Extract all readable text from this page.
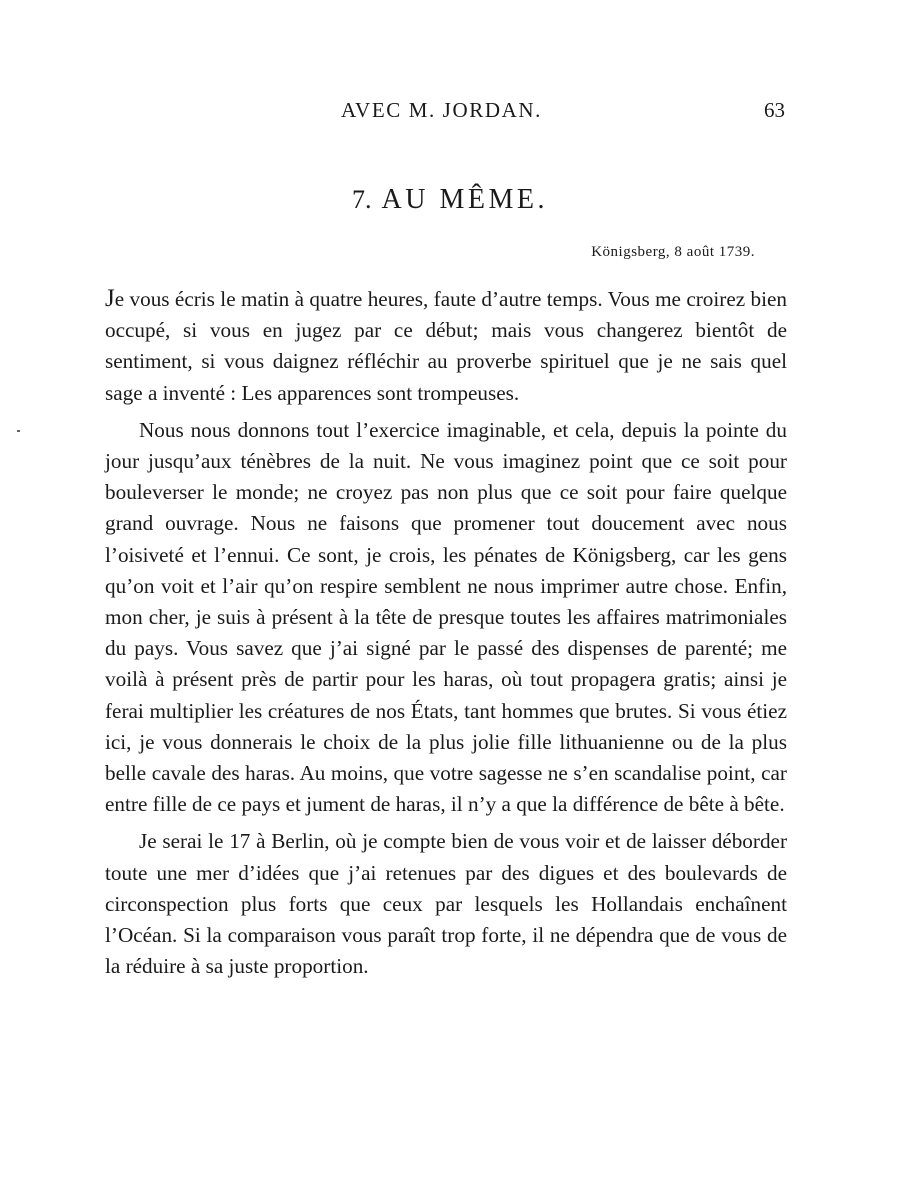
AVEC M. JORDAN.	63
7. AU MÊME.
Königsberg, 8 août 1739.

Je vous écris le matin à quatre heures, faute d’autre temps. Vous me croirez bien occupé, si vous en jugez par ce début; mais vous changerez bientôt de sentiment, si vous daignez réfléchir au proverbe spirituel que je ne sais quel sage a inventé : Les apparences sont trompeuses.

Nous nous donnons tout l’exercice imaginable, et cela, depuis la pointe du jour jusqu’aux ténèbres de la nuit. Ne vous imaginez point que ce soit pour bouleverser le monde; ne croyez pas non plus que ce soit pour faire quelque grand ouvrage. Nous ne faisons que promener tout doucement avec nous l’oisiveté et l’ennui. Ce sont, je crois, les pénates de Königsberg, car les gens qu’on voit et l’air qu’on respire semblent ne nous imprimer autre chose. Enfin, mon cher, je suis à présent à la tête de presque toutes les affaires matrimoniales du pays. Vous savez que j’ai signé par le passé des dispenses de parenté; me voilà à présent près de partir pour les haras, où tout propagera gratis; ainsi je ferai multiplier les créatures de nos États, tant hommes que brutes. Si vous étiez ici, je vous donnerais le choix de la plus jolie fille lithuanienne ou de la plus belle cavale des haras. Au moins, que votre sagesse ne s’en scandalise point, car entre fille de ce pays et jument de haras, il n’y a que la différence de bête à bête.

Je serai le 17 à Berlin, où je compte bien de vous voir et de laisser déborder toute une mer d’idées que j’ai retenues par des digues et des boulevards de circonspection plus forts que ceux par lesquels les Hollandais enchaînent l’Océan. Si la comparaison vous paraît trop forte, il ne dépendra que de vous de la réduire à sa juste proportion.
